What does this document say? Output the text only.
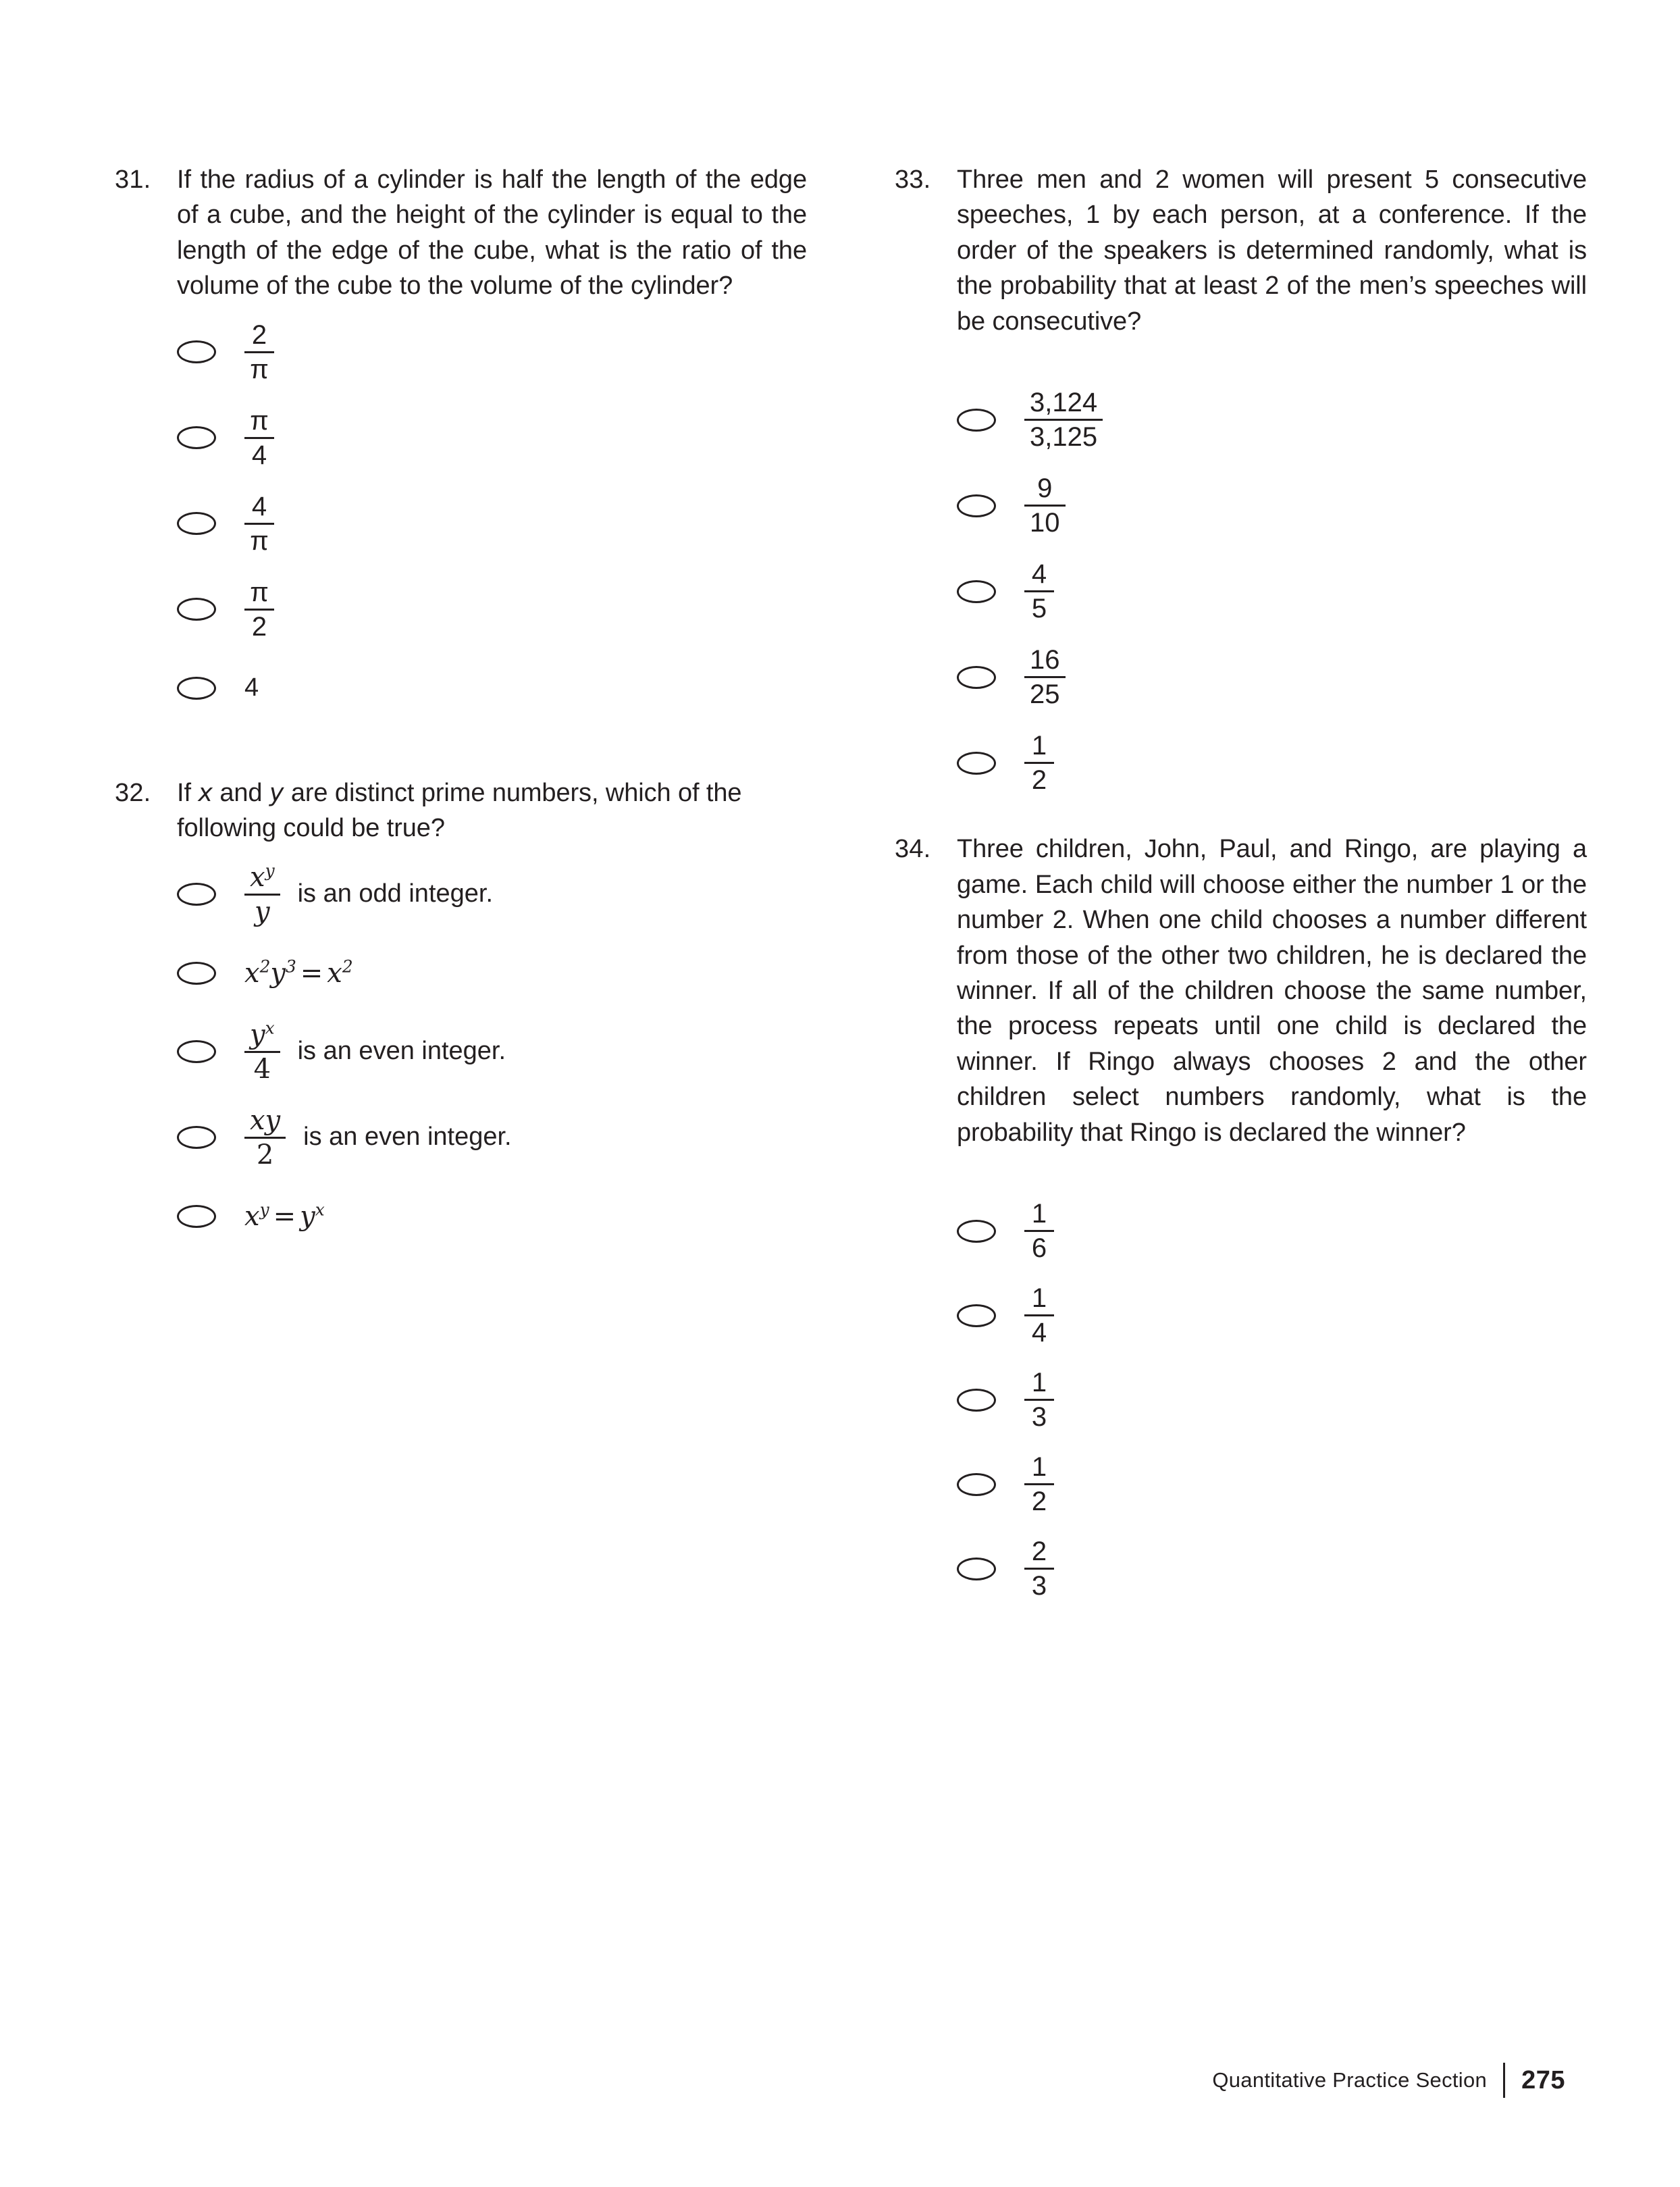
31.	If the radius of a cylinder is half the length of the edge of a cube, and the height of the cylinder is equal to the length of the edge of the cube, what is the ratio of the volume of the cube to the volume of the cylinder?
$\frac{2}{\pi}$
$\frac{\pi}{4}$
$\frac{4}{\pi}$
$\frac{\pi}{2}$
4
32.	If x and y are distinct prime numbers, which of the following could be true?
$\frac{x^y}{y}$ is an odd integer.
$x^2y^3 = x^2$
$\frac{y^x}{4}$ is an even integer.
$\frac{xy}{2}$ is an even integer.
$x^y = y^x$
33.	Three men and 2 women will present 5 consecutive speeches, 1 by each person, at a conference. If the order of the speakers is determined randomly, what is the probability that at least 2 of the men’s speeches will be consecutive?
$\frac{3,124}{3,125}$
$\frac{9}{10}$
$\frac{4}{5}$
$\frac{16}{25}$
$\frac{1}{2}$
34.	Three children, John, Paul, and Ringo, are playing a game. Each child will choose either the number 1 or the number 2. When one child chooses a number different from those of the other two children, he is declared the winner. If all of the children choose the same number, the process repeats until one child is declared the winner. If Ringo always chooses 2 and the other children select numbers randomly, what is the probability that Ringo is declared the winner?
$\frac{1}{6}$
$\frac{1}{4}$
$\frac{1}{3}$
$\frac{1}{2}$
$\frac{2}{3}$
Quantitative Practice Section 275
